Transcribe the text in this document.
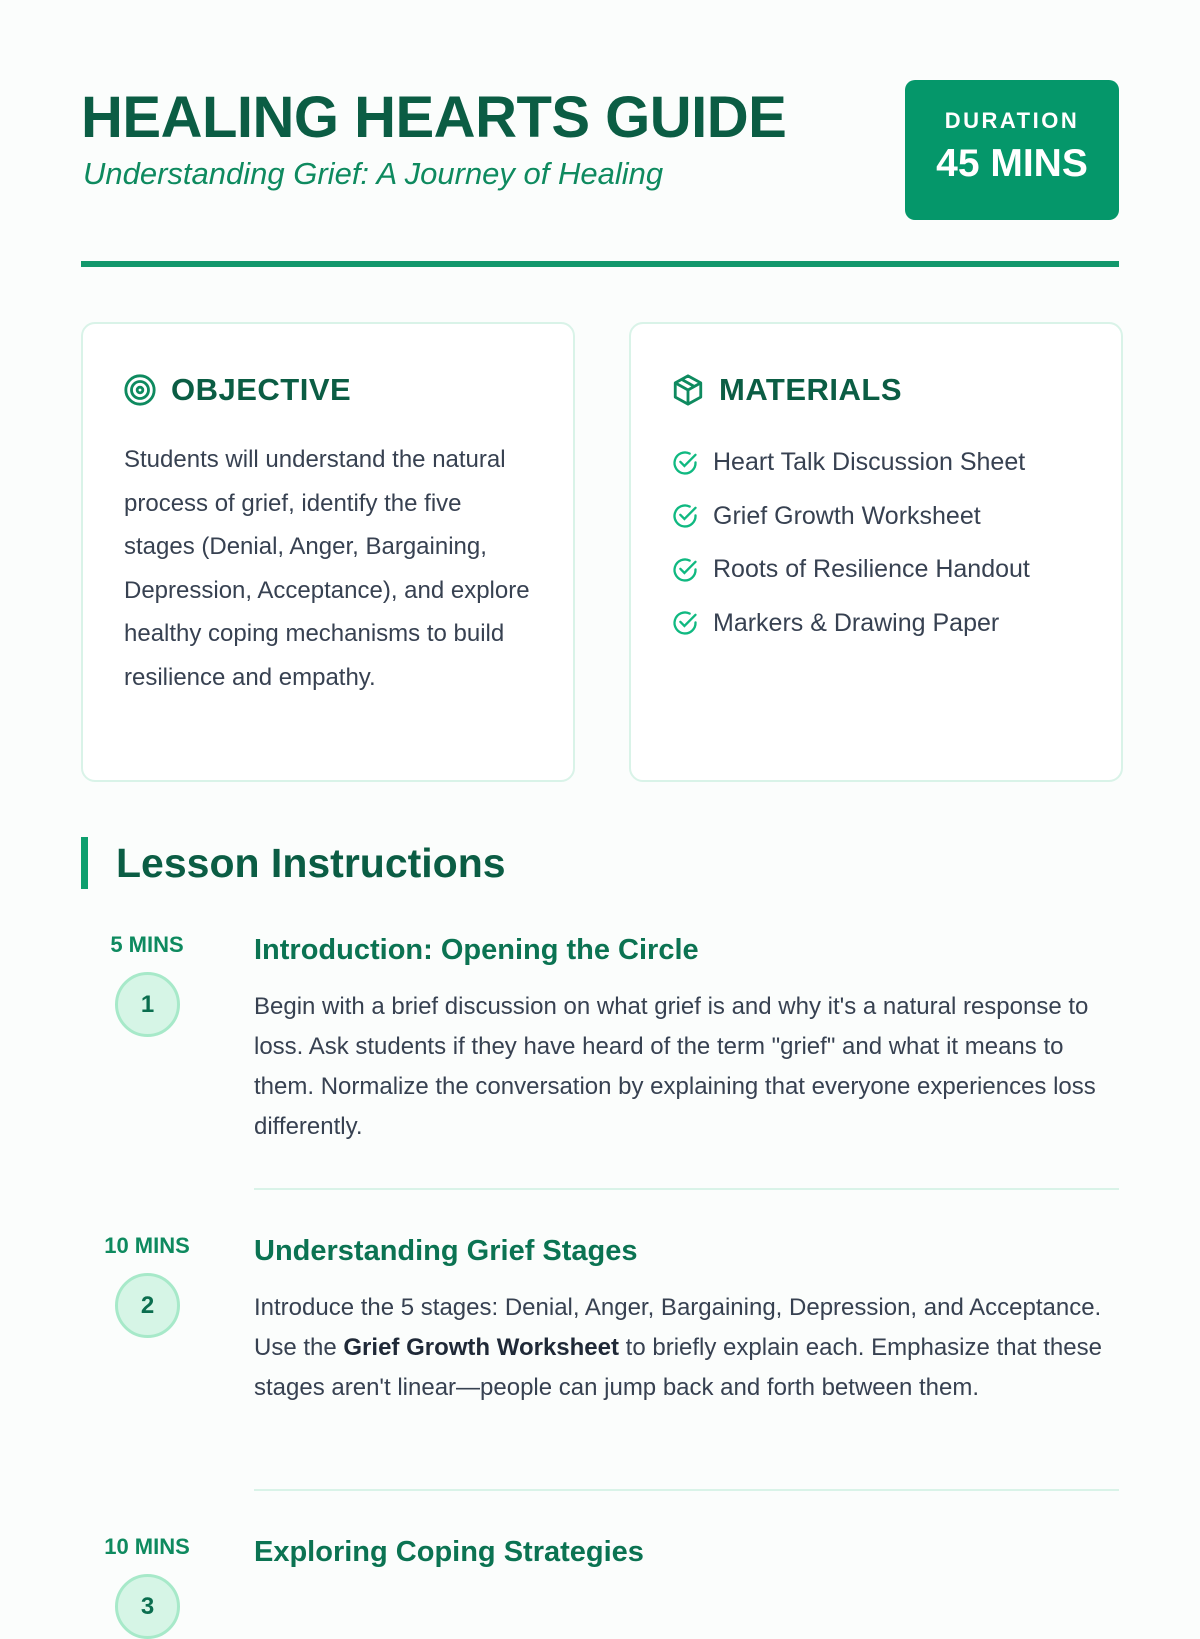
HEALING HEARTS GUIDE
Understanding Grief: A Journey of Healing
DURATION
45 MINS
OBJECTIVE

Students will understand the natural process of grief, identify the five stages (Denial, Anger, Bargaining, Depression, Acceptance), and explore healthy coping mechanisms to build resilience and empathy.

MATERIALS
Heart Talk Discussion Sheet
Grief Growth Worksheet
Roots of Resilience Handout
Markers & Drawing Paper
Lesson Instructions
5 MINS
1
Introduction: Opening the Circle

Begin with a brief discussion on what grief is and why it's a natural response to loss. Ask students if they have heard of the term "grief" and what it means to them. Normalize the conversation by explaining that everyone experiences loss differently.

10 MINS
2
Understanding Grief Stages

Introduce the 5 stages: Denial, Anger, Bargaining, Depression, and Acceptance. Use the Grief Growth Worksheet to briefly explain each. Emphasize that these stages aren't linear—people can jump back and forth between them.

10 MINS
3
Exploring Coping Strategies
